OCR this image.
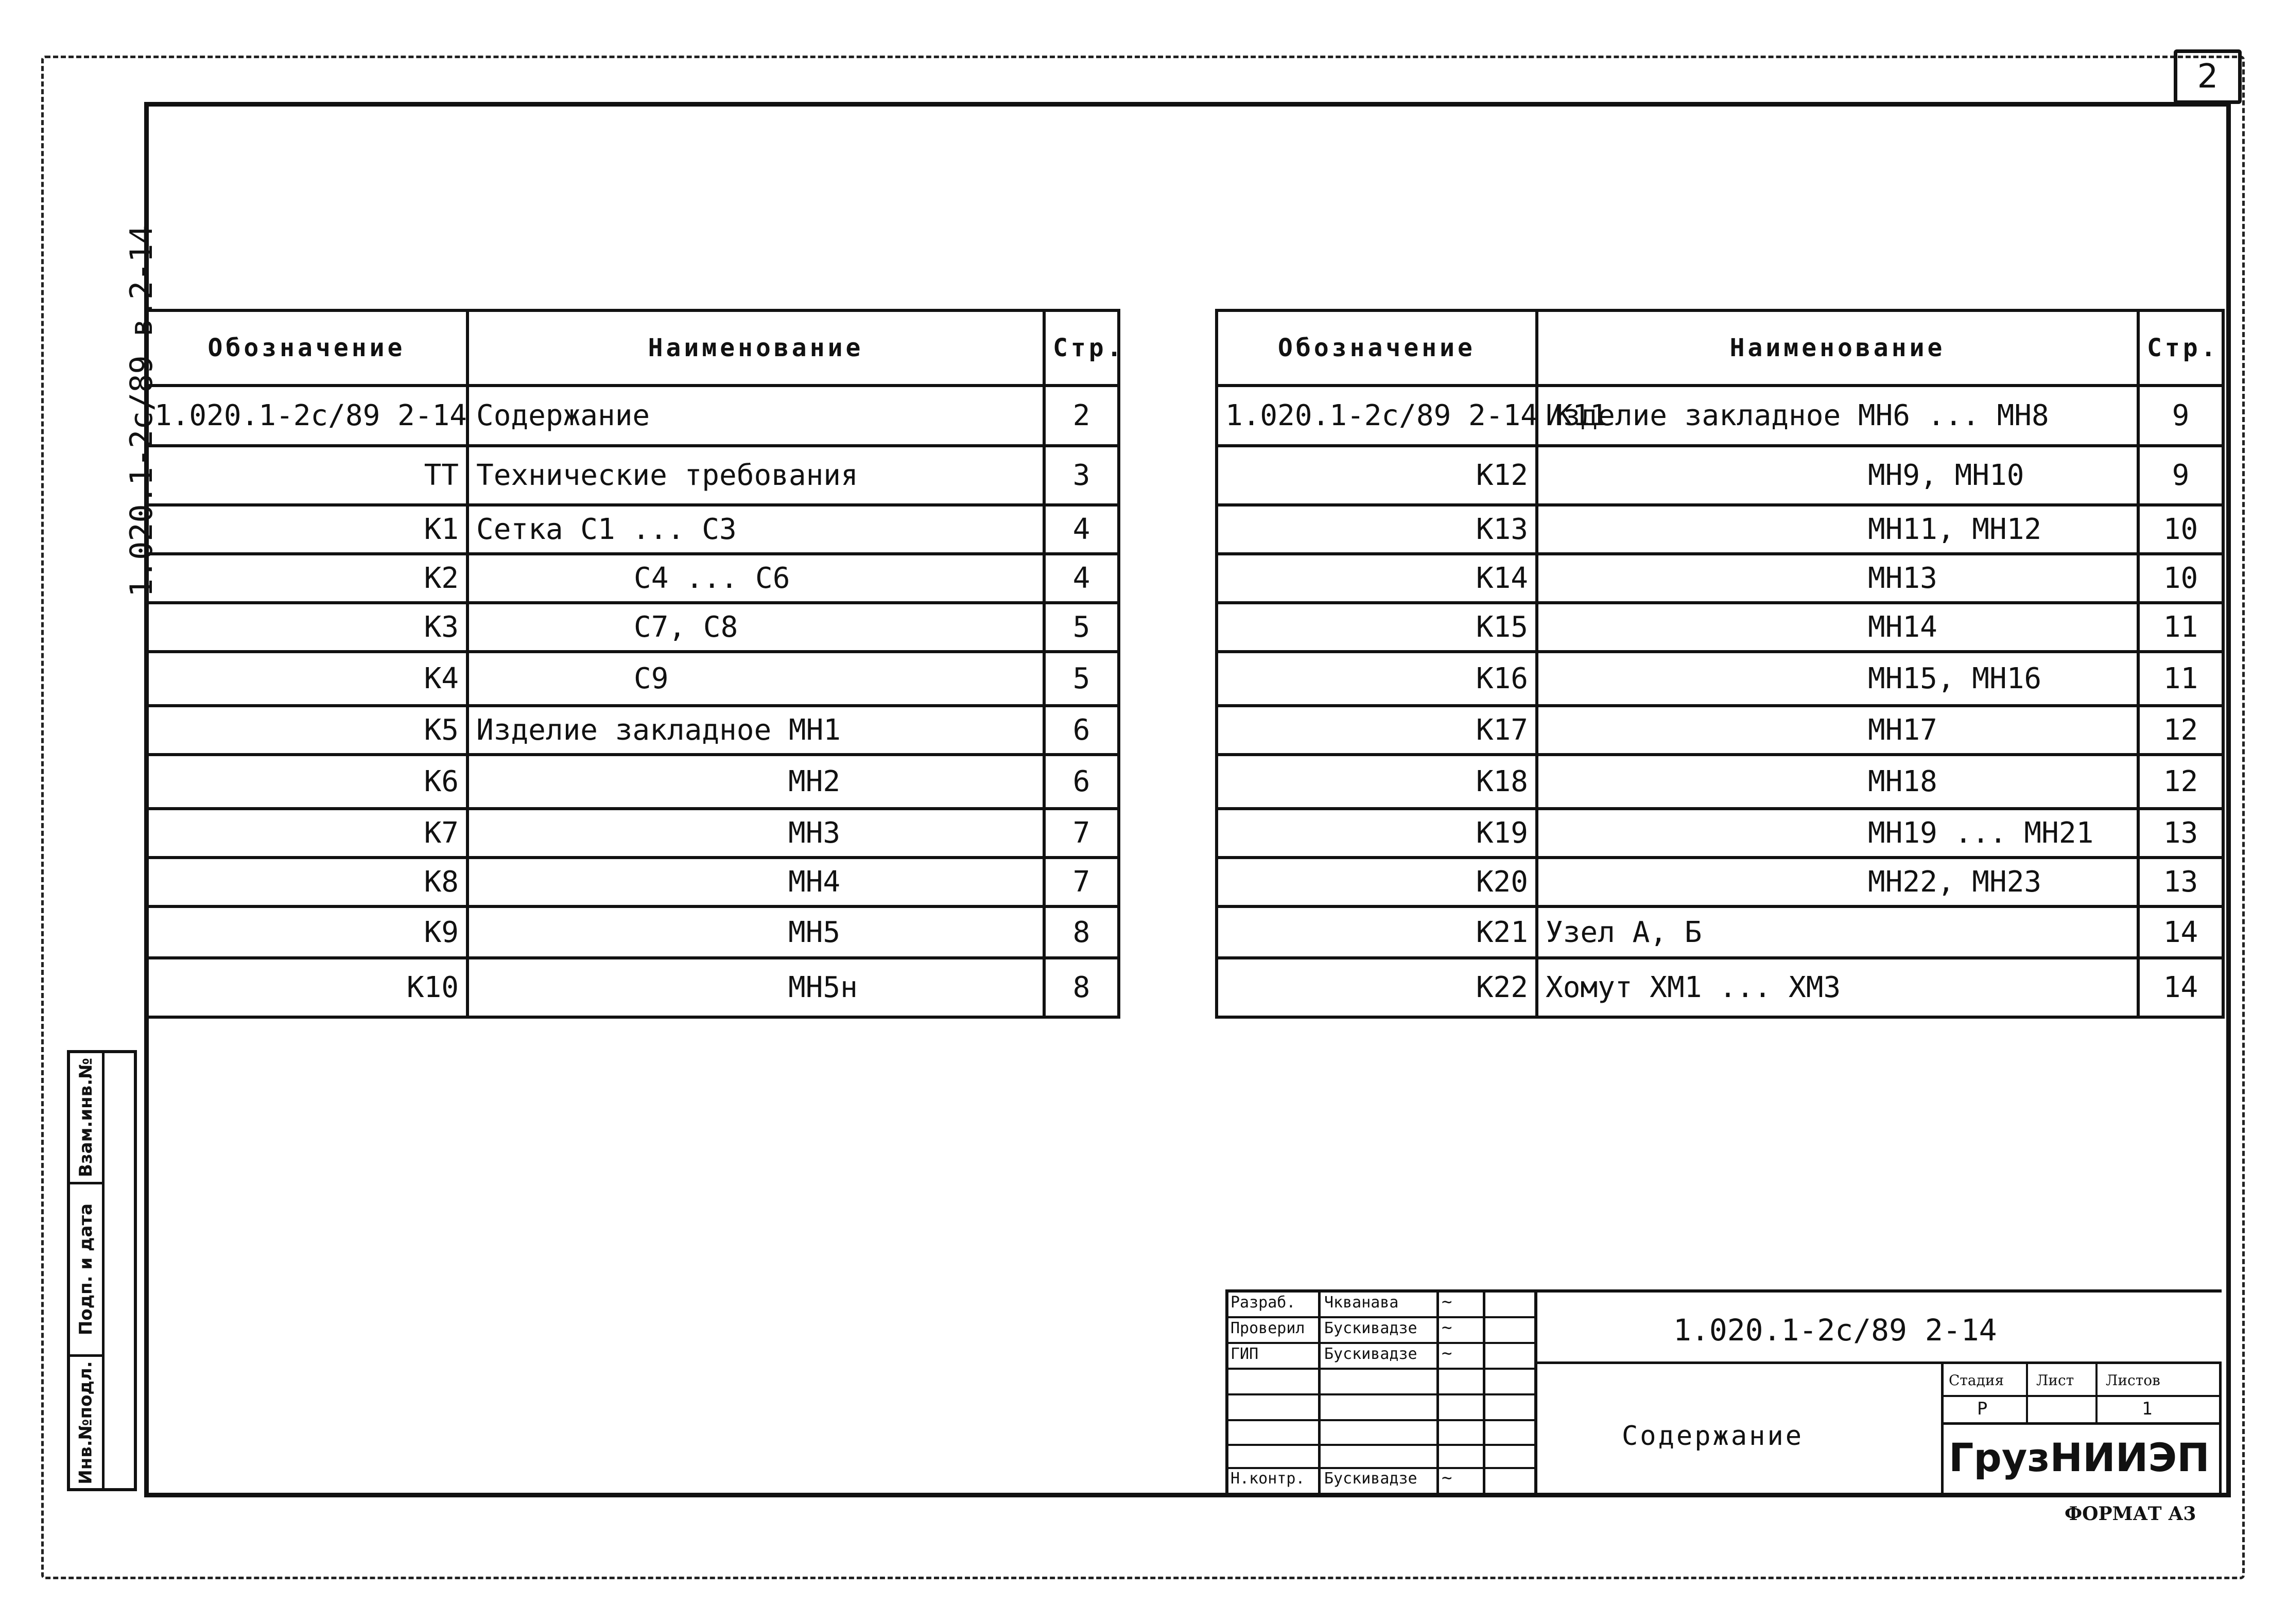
2
1.020.1-2с/89 в.2-14 Обозначение	Наименование	Стр.
1.020.1-2с/89 2-14	Содержание	2
ТТ	Технические требования	3
К1	Сетка С1 ... С3	4
К2	С4 ... С6	4
К3	С7, С8	5
К4	С9	5
К5	Изделие закладное МН1	6
К6	МН2	6
К7	МН3	7
К8	МН4	7
К9	МН5	8
К10	МН5н	8
Обозначение	Наименование	Стр.
1.020.1-2с/89 2-14 К11	Изделие закладное МН6 ... МН8	9
К12	МН9, МН10	9
К13	МН11, МН12	10
К14	МН13	10
К15	МН14	11
К16	МН15, МН16	11
К17	МН17	12
К18	МН18	12
К19	МН19 ... МН21	13
К20	МН22, МН23	13
К21	Узел А, Б	14
К22	Хомут ХМ1 ... ХМ3	14
Взам.инв.№
Подп. и дата
Инв.№подл.
Разраб. Чкванава ~
Проверил Бускивадзе ~
ГИП	Бускивадзе ~
Н.контр. Бускивадзе ~
1.020.1-2с/89 2-14
Содержание
Стадия Лист Листов
Р	1
ГрузНИИЭП
ФОРМАТ А3
